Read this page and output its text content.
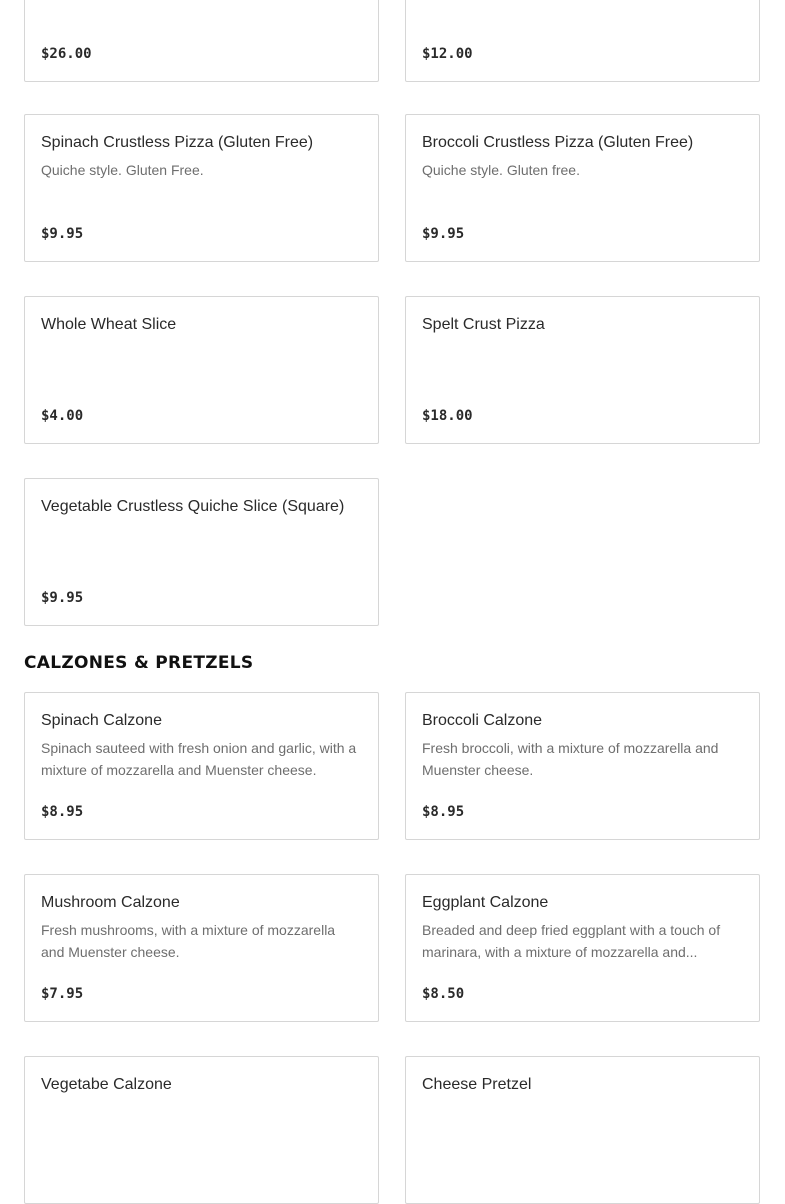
$26.00	$12.00
Spinach Crustless Pizza (Gluten Free)
Quiche style. Gluten Free.
$9.95
Broccoli Crustless Pizza (Gluten Free)
Quiche style. Gluten free.
$9.95
Whole Wheat Slice
$4.00
Spelt Crust Pizza
$18.00
Vegetable Crustless Quiche Slice (Square)
$9.95
CALZONES & PRETZELS
Spinach Calzone
Spinach sauteed with fresh onion and garlic, with a mixture of mozzarella and Muenster cheese.
$8.95
Broccoli Calzone
Fresh broccoli, with a mixture of mozzarella and Muenster cheese.
$8.95
Mushroom Calzone
Fresh mushrooms, with a mixture of mozzarella and Muenster cheese.
$7.95
Eggplant Calzone
Breaded and deep fried eggplant with a touch of marinara, with a mixture of mozzarella and...
$8.50
Vegetabe Calzone	Cheese Pretzel
